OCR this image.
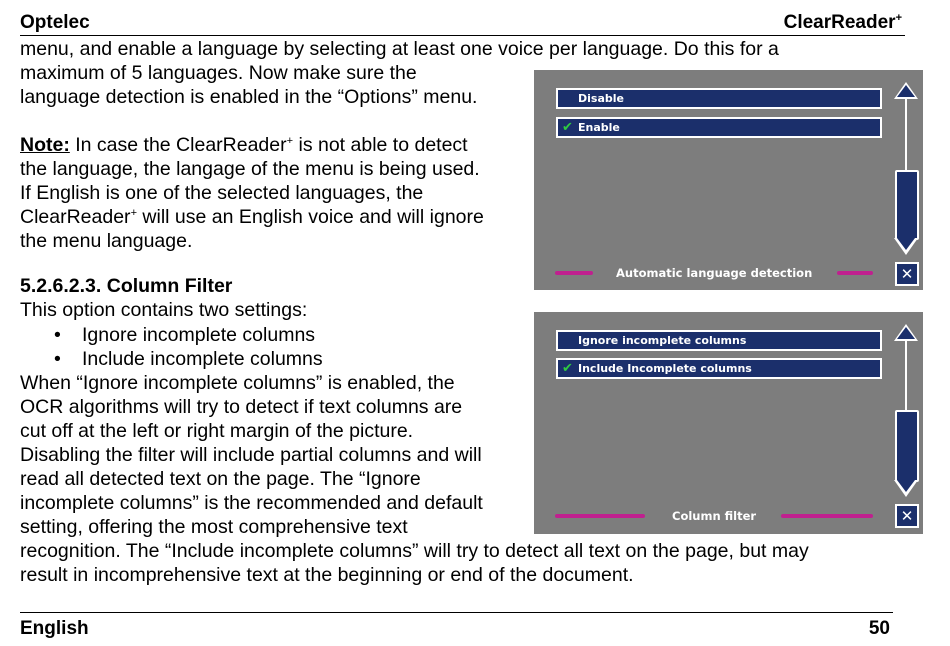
Optelec	ClearReader+
menu, and enable a language by selecting at least one voice per language. Do this for a
maximum of 5 languages. Now make sure the
language detection is enabled in the “Options” menu.
Note: In case the ClearReader+ is not able to detect
the language, the langage of the menu is being used.
If English is one of the selected languages, the
ClearReader+ will use an English voice and will ignore
the menu language.
5.2.6.2.3. Column Filter
This option contains two settings:
• Ignore incomplete columns
• Include incomplete columns
When “Ignore incomplete columns” is enabled, the
OCR algorithms will try to detect if text columns are
cut off at the left or right margin of the picture.
Disabling the filter will include partial columns and will
read all detected text on the page. The “Ignore
incomplete columns” is the recommended and default
setting, offering the most comprehensive text
recognition. The “Include incomplete columns” will try to detect all text on the page, but may
result in incomprehensive text at the beginning or end of the document.
Disable
✔ Enable
Automatic language detection	✕
Ignore incomplete columns
✔ Include Incomplete columns
Column filter	✕
English	50
